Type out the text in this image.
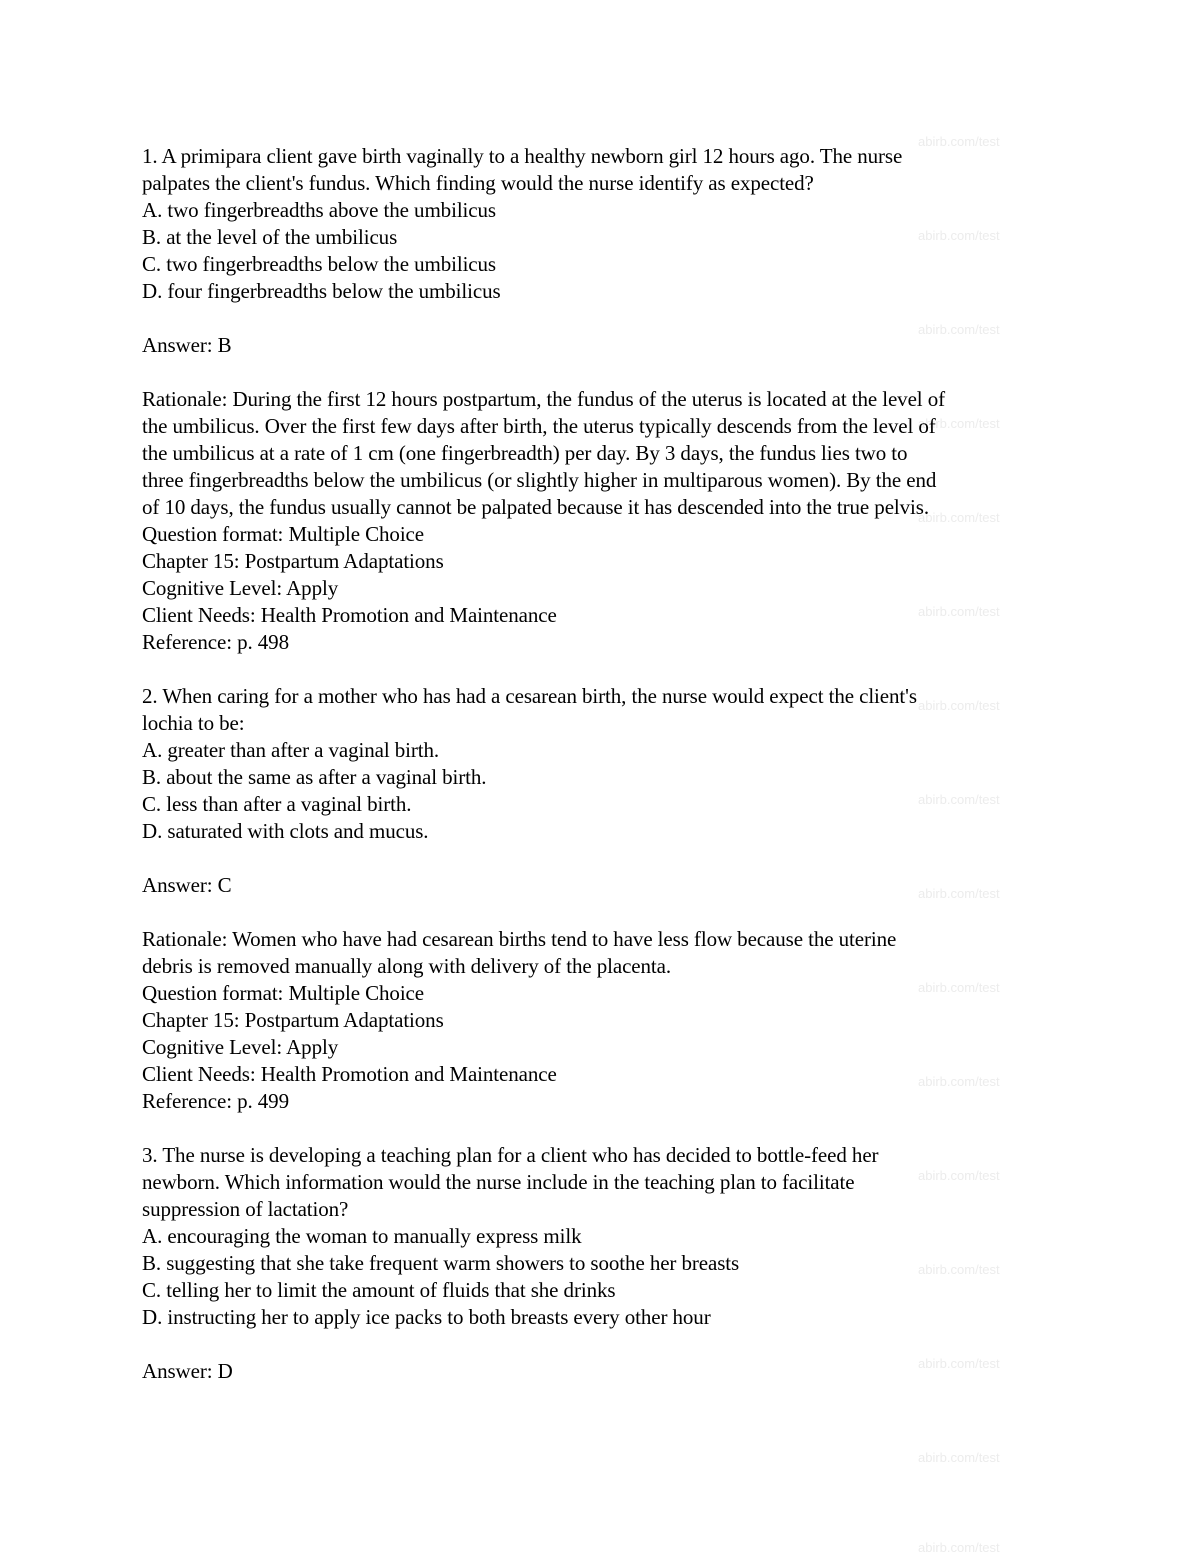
abirb.com/test
abirb.com/test
abirb.com/test
abirb.com/test
abirb.com/test
abirb.com/test
abirb.com/test
abirb.com/test
abirb.com/test
abirb.com/test
abirb.com/test
abirb.com/test
abirb.com/test
abirb.com/test
abirb.com/test
abirb.com/test
1. A primipara client gave birth vaginally to a healthy newborn girl 12 hours ago. The nurse
palpates the client's fundus. Which finding would the nurse identify as expected?
A. two fingerbreadths above the umbilicus
B. at the level of the umbilicus
C. two fingerbreadths below the umbilicus
D. four fingerbreadths below the umbilicus
Answer: B
Rationale: During the first 12 hours postpartum, the fundus of the uterus is located at the level of
the umbilicus. Over the first few days after birth, the uterus typically descends from the level of
the umbilicus at a rate of 1 cm (one fingerbreadth) per day. By 3 days, the fundus lies two to
three fingerbreadths below the umbilicus (or slightly higher in multiparous women). By the end
of 10 days, the fundus usually cannot be palpated because it has descended into the true pelvis.
Question format: Multiple Choice
Chapter 15: Postpartum Adaptations
Cognitive Level: Apply
Client Needs: Health Promotion and Maintenance
Reference: p. 498
2. When caring for a mother who has had a cesarean birth, the nurse would expect the client's
lochia to be:
A. greater than after a vaginal birth.
B. about the same as after a vaginal birth.
C. less than after a vaginal birth.
D. saturated with clots and mucus.
Answer: C
Rationale: Women who have had cesarean births tend to have less flow because the uterine
debris is removed manually along with delivery of the placenta.
Question format: Multiple Choice
Chapter 15: Postpartum Adaptations
Cognitive Level: Apply
Client Needs: Health Promotion and Maintenance
Reference: p. 499
3. The nurse is developing a teaching plan for a client who has decided to bottle-feed her
newborn. Which information would the nurse include in the teaching plan to facilitate
suppression of lactation?
A. encouraging the woman to manually express milk
B. suggesting that she take frequent warm showers to soothe her breasts
C. telling her to limit the amount of fluids that she drinks
D. instructing her to apply ice packs to both breasts every other hour
Answer: D
